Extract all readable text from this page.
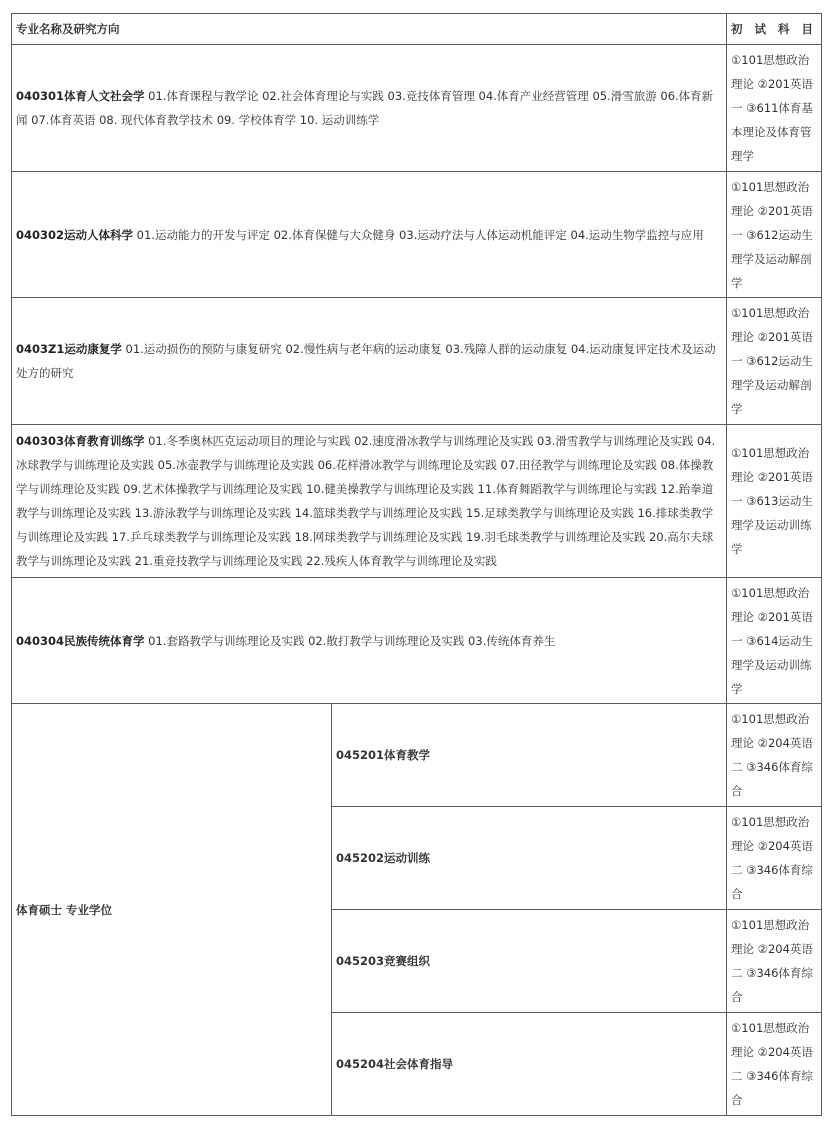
专业名称及研究方向		初 试 科 目
040301体育人文社会学 01.体育课程与教学论 02.社会体育理论与实践 03.竞技体育管理 04.体育产业经营管理 05.滑雪旅游 06.体育新闻 07.体育英语 08. 现代体育教学技术 09. 学校体育学 10. 运动训练学		①101思想政治理论 ②201英语一 ③611体育基本理论及体育管理学
040302运动人体科学 01.运动能力的开发与评定 02.体育保健与大众健身 03.运动疗法与人体运动机能评定 04.运动生物学监控与应用		①101思想政治理论 ②201英语一 ③612运动生理学及运动解剖学
0403Z1运动康复学 01.运动损伤的预防与康复研究 02.慢性病与老年病的运动康复 03.残障人群的运动康复 04.运动康复评定技术及运动处方的研究		①101思想政治理论 ②201英语一 ③612运动生理学及运动解剖学
040303体育教育训练学 01.冬季奥林匹克运动项目的理论与实践 02.速度滑冰教学与训练理论及实践 03.滑雪教学与训练理论及实践 04.冰球教学与训练理论及实践 05.冰壶教学与训练理论及实践 06.花样滑冰教学与训练理论及实践 07.田径教学与训练理论及实践 08.体操教学与训练理论及实践 09.艺术体操教学与训练理论及实践 10.健美操教学与训练理论及实践 11.体育舞蹈教学与训练理论与实践 12.跆拳道教学与训练理论及实践 13.游泳教学与训练理论及实践 14.篮球类教学与训练理论及实践 15.足球类教学与训练理论及实践 16.排球类教学与训练理论及实践 17.乒乓球类教学与训练理论及实践 18.网球类教学与训练理论及实践 19.羽毛球类教学与训练理论及实践 20.高尔夫球教学与训练理论及实践 21.重竞技教学与训练理论及实践 22.残疾人体育教学与训练理论及实践		①101思想政治理论 ②201英语一 ③613运动生理学及运动训练学
040304民族传统体育学 01.套路教学与训练理论及实践 02.散打教学与训练理论及实践 03.传统体育养生		①101思想政治理论 ②201英语一 ③614运动生理学及运动训练学
体育硕士 专业学位	045201体育教学	①101思想政治理论 ②204英语二 ③346体育综合
	045202运动训练	①101思想政治理论 ②204英语二 ③346体育综合
	045203竞赛组织	①101思想政治理论 ②204英语二 ③346体育综合
	045204社会体育指导	①101思想政治理论 ②204英语二 ③346体育综合
